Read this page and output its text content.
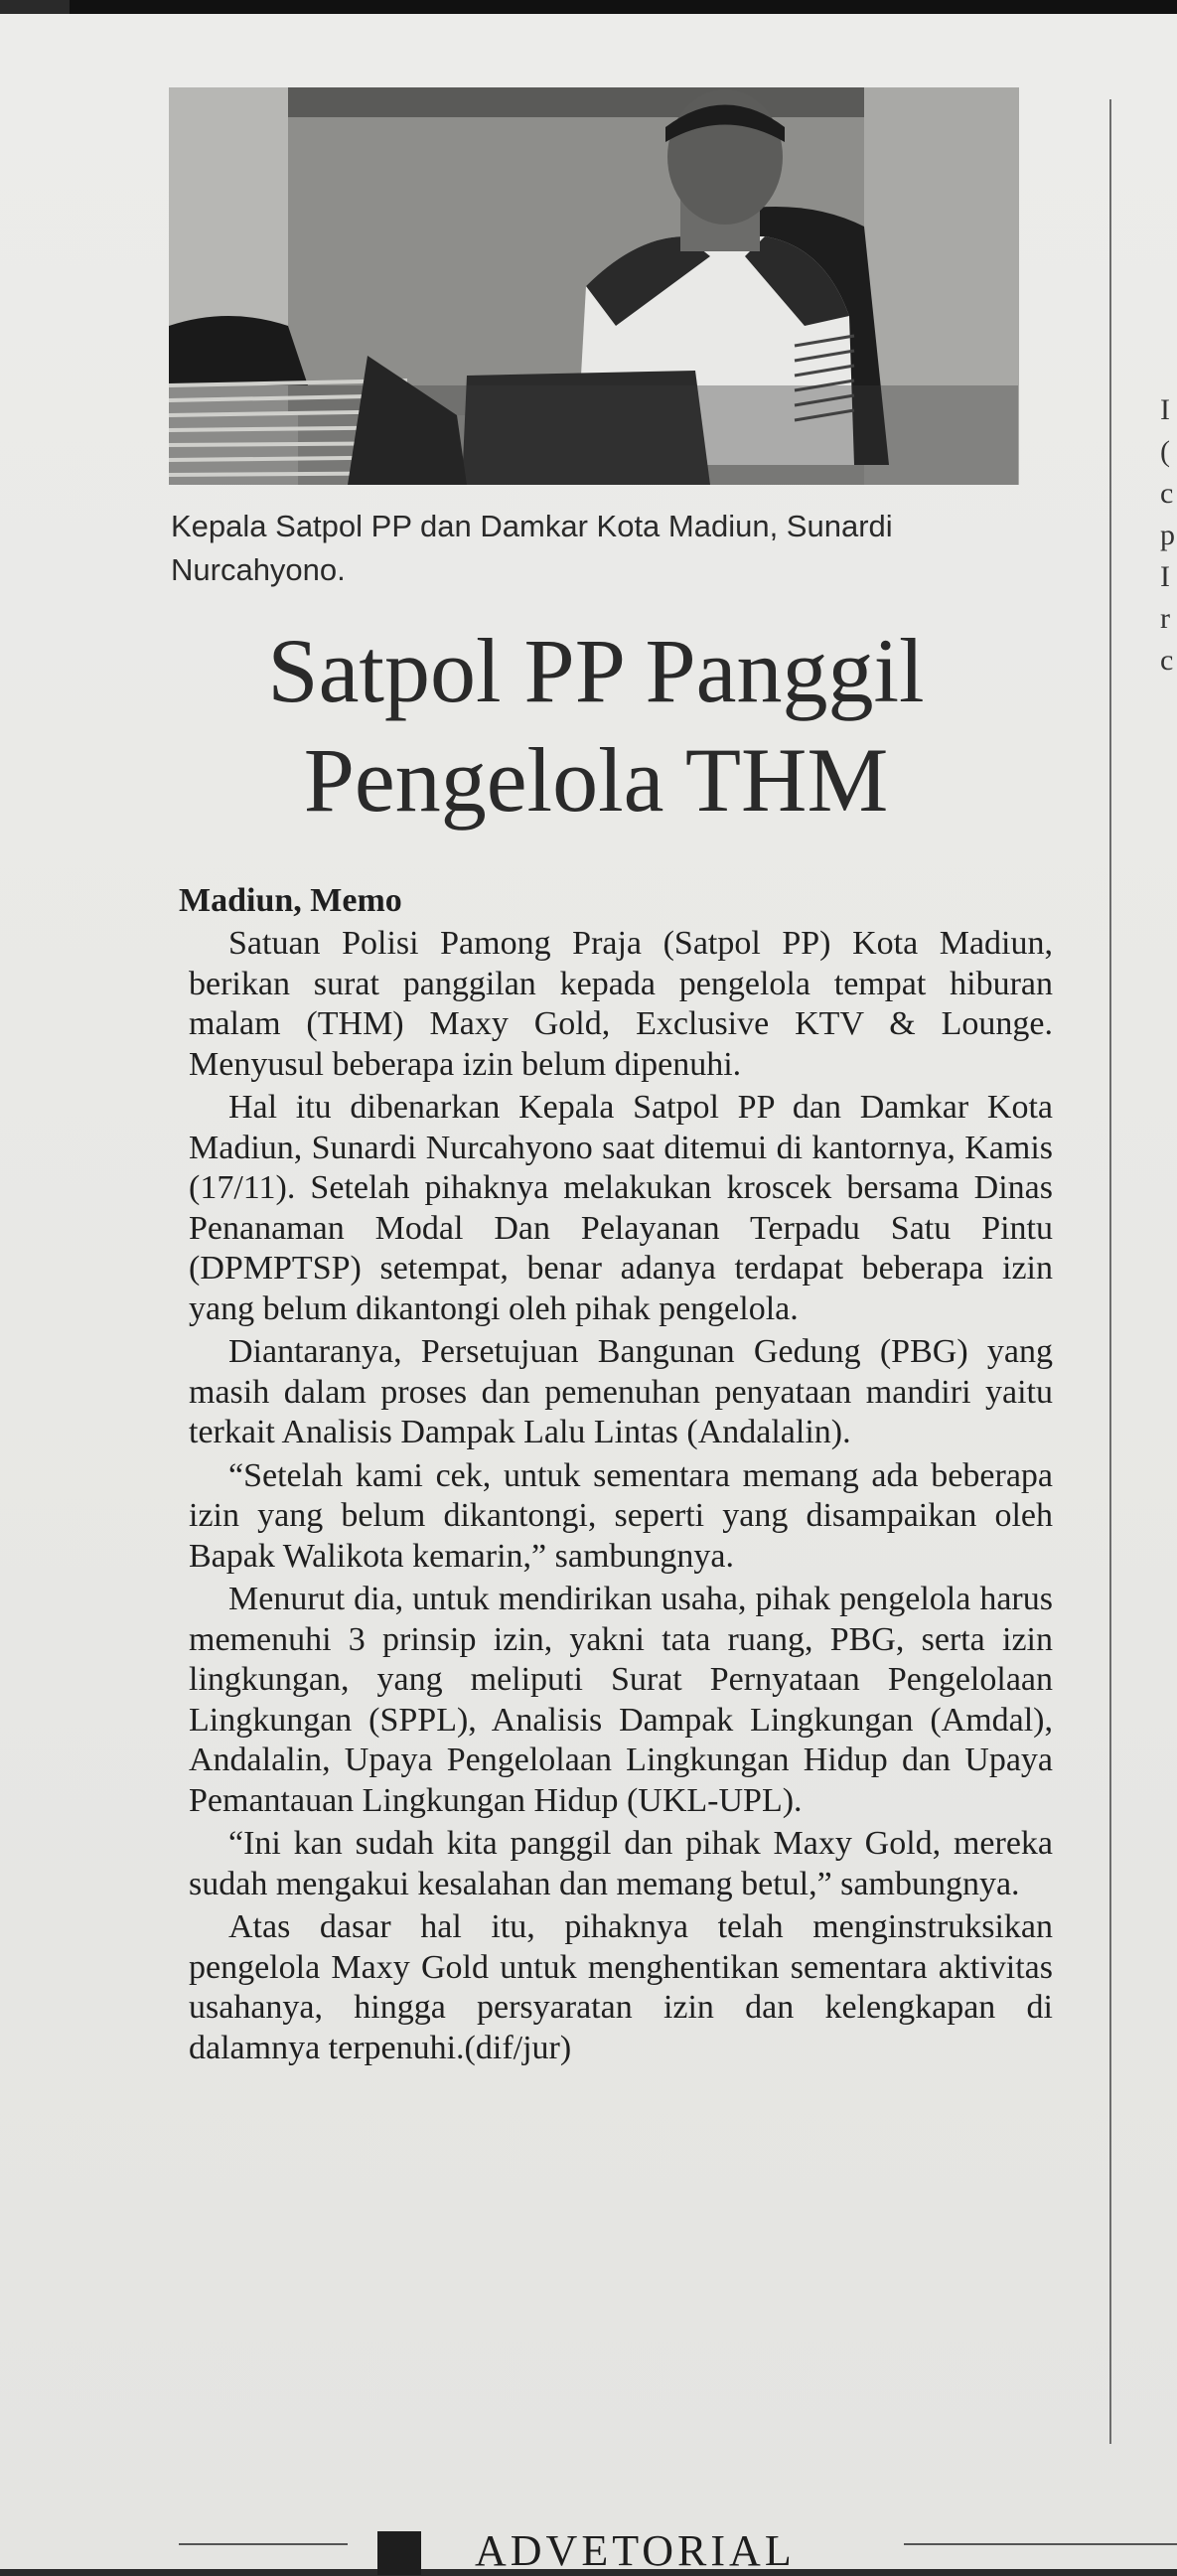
Kepala Satpol PP dan Damkar Kota Madiun, Sunardi Nurcahyono.
Satpol PP Panggil
Pengelola THM
Madiun, Memo

Satuan Polisi Pamong Praja (Satpol PP) Kota Madiun, berikan surat panggilan kepada pengelola tempat hiburan malam (THM) Maxy Gold, Exclusive KTV & Lounge. Menyusul beberapa izin belum dipenuhi.

Hal itu dibenarkan Kepala Satpol PP dan Damkar Kota Madiun, Sunardi Nurcahyono saat ditemui di kantornya, Kamis (17/11). Setelah pihaknya melakukan kroscek bersama Dinas Penanaman Modal Dan Pelayanan Terpadu Satu Pintu (DPMPTSP) setempat, benar adanya terdapat beberapa izin yang belum dikantongi oleh pihak pengelola.

Diantaranya, Persetujuan Bangunan Gedung (PBG) yang masih dalam proses dan pemenuhan penyataan mandiri yaitu terkait Analisis Dampak Lalu Lintas (Andalalin).

“Setelah kami cek, untuk sementara memang ada beberapa izin yang belum dikantongi, seperti yang disampaikan oleh Bapak Walikota kemarin,” sambungnya.

Menurut dia, untuk mendirikan usaha, pihak pengelola harus memenuhi 3 prinsip izin, yakni tata ruang, PBG, serta izin lingkungan, yang meliputi Surat Pernyataan Pengelolaan Lingkungan (SPPL), Analisis Dampak Lingkungan (Amdal), Andalalin, Upaya Pengelolaan Lingkungan Hidup dan Upaya Pemantauan Lingkungan Hidup (UKL-UPL).

“Ini kan sudah kita panggil dan pihak Maxy Gold, mereka sudah mengakui kesalahan dan memang betul,” sambungnya.

Atas dasar hal itu, pihaknya telah menginstruksikan pengelola Maxy Gold untuk menghentikan sementara aktivitas usahanya, hingga persyaratan izin dan kelengkapan di dalamnya terpenuhi.(dif/jur)

I
(
c
p
I
r
c
ADVETORIAL
